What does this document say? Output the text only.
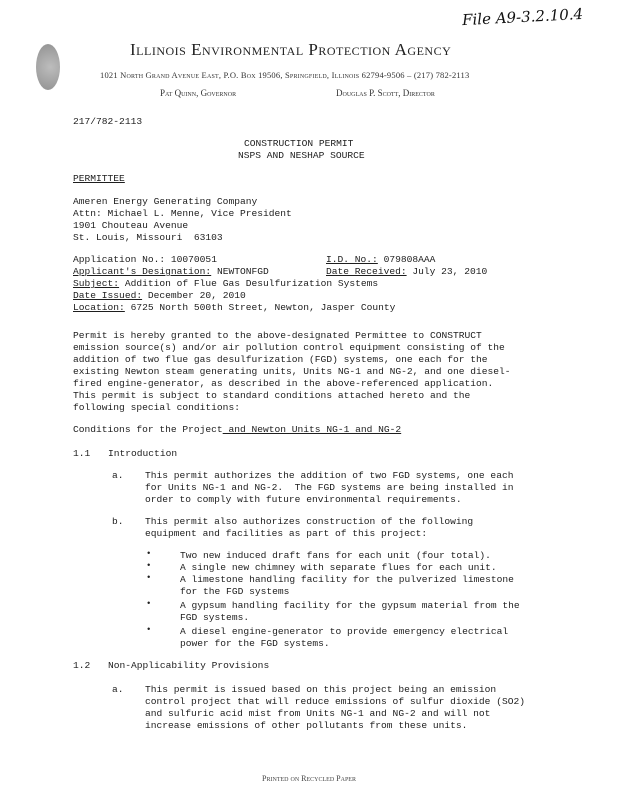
File A9-3.2.10.4
Illinois Environmental Protection Agency
1021 North Grand Avenue East, P.O. Box 19506, Springfield, Illinois 62794-9506 – (217) 782-2113
Pat Quinn, Governor	Douglas P. Scott, Director
217/782-2113
CONSTRUCTION PERMIT
NSPS AND NESHAP SOURCE
PERMITTEE
Ameren Energy Generating Company
Attn: Michael L. Menne, Vice President
1901 Chouteau Avenue
St. Louis, Missouri  63103
Application No.: 10070051	I.D. No.: 079808AAA
Applicant's Designation: NEWTONFGD	Date Received: July 23, 2010
Subject: Addition of Flue Gas Desulfurization Systems
Date Issued: December 20, 2010
Location: 6725 North 500th Street, Newton, Jasper County
Permit is hereby granted to the above-designated Permittee to CONSTRUCT
emission source(s) and/or air pollution control equipment consisting of the
addition of two flue gas desulfurization (FGD) systems, one each for the
existing Newton steam generating units, Units NG-1 and NG-2, and one diesel-
fired engine-generator, as described in the above-referenced application.
This permit is subject to standard conditions attached hereto and the
following special conditions:
Conditions for the Project and Newton Units NG-1 and NG-2
1.1 Introduction
a. This permit authorizes the addition of two FGD systems, one each
for Units NG-1 and NG-2.  The FGD systems are being installed in
order to comply with future environmental requirements.
b. This permit also authorizes construction of the following
equipment and facilities as part of this project:
•	Two new induced draft fans for each unit (four total).
•	A single new chimney with separate flues for each unit.
•	A limestone handling facility for the pulverized limestone
for the FGD systems
•	A gypsum handling facility for the gypsum material from the
FGD systems.
•	A diesel engine-generator to provide emergency electrical
power for the FGD systems.
1.2 Non-Applicability Provisions
a. This permit is issued based on this project being an emission
control project that will reduce emissions of sulfur dioxide (SO2)
and sulfuric acid mist from Units NG-1 and NG-2 and will not
increase emissions of other pollutants from these units.
Printed on Recycled Paper
